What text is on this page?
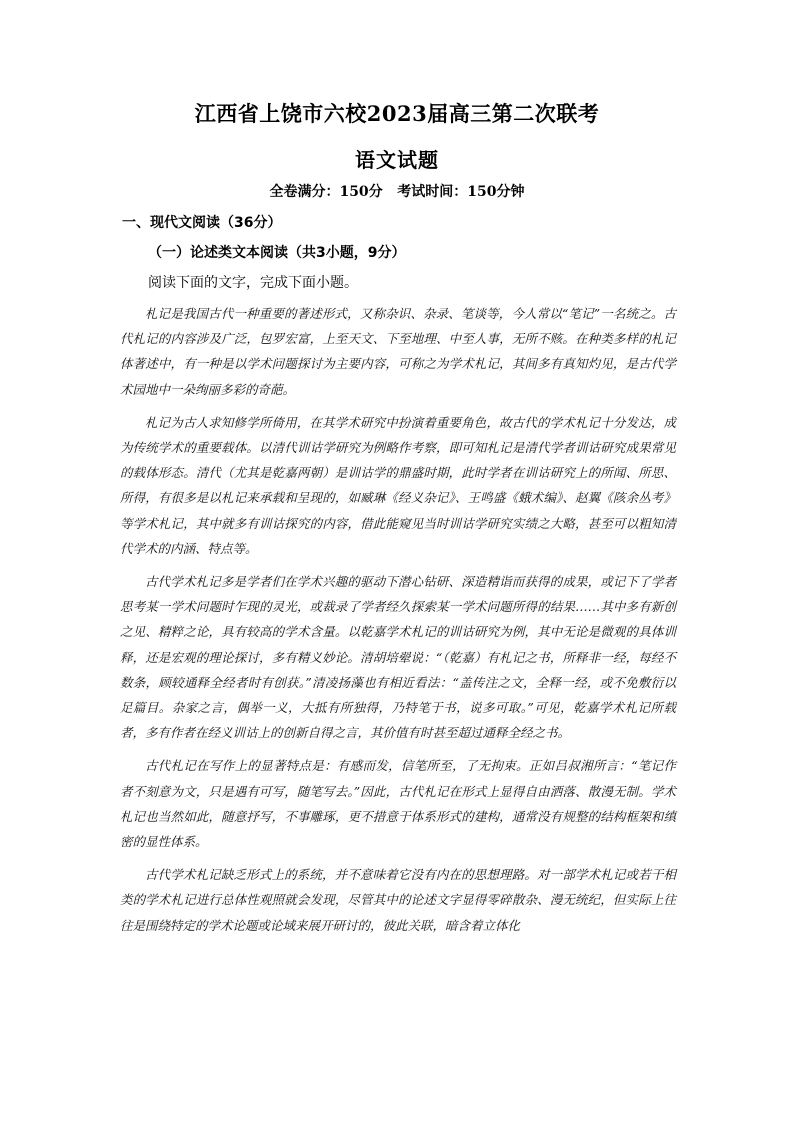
江西省上饶市六校2023届高三第二次联考
语文试题
全卷满分：150分   考试时间：150分钟
一、现代文阅读（36分）
（一）论述类文本阅读（共3小题，9分）
阅读下面的文字，完成下面小题。

札记是我国古代一种重要的著述形式，又称杂识、杂录、笔谈等，今人常以“笔记”一名统之。古代札记的内容涉及广泛，包罗宏富，上至天文、下至地理、中至人事，无所不赅。在种类多样的札记体著述中，有一种是以学术问题探讨为主要内容，可称之为学术札记，其间多有真知灼见，是古代学术园地中一朵绚丽多彩的奇葩。

札记为古人求知修学所倚用，在其学术研究中扮演着重要角色，故古代的学术札记十分发达，成为传统学术的重要载体。以清代训诂学研究为例略作考察，即可知札记是清代学者训诂研究成果常见的载体形态。清代（尤其是乾嘉两朝）是训诂学的鼎盛时期，此时学者在训诂研究上的所闻、所思、所得，有很多是以札记来承载和呈现的，如臧琳《经义杂记》、王鸣盛《蛾术编》、赵翼《陔余丛考》等学术札记，其中就多有训诂探究的内容，借此能窥见当时训诂学研究实绩之大略，甚至可以粗知清代学术的内涵、特点等。

古代学术札记多是学者们在学术兴趣的驱动下潜心钻研、深造精诣而获得的成果，或记下了学者思考某一学术问题时乍现的灵光，或裁录了学者经久探索某一学术问题所得的结果……其中多有新创之见、精粹之论，具有较高的学术含量。以乾嘉学术札记的训诂研究为例，其中无论是微观的具体训释，还是宏观的理论探讨，多有精义妙论。清胡培翚说：“（乾嘉）有札记之书，所释非一经，每经不数条，顾较通释全经者时有创获。”清凌扬藻也有相近看法：“盖传注之文，全释一经，或不免敷衍以足篇目。杂家之言，偶举一义，大抵有所独得，乃特笔于书，说多可取。”可见，乾嘉学术札记所载者，多有作者在经义训诂上的创新自得之言，其价值有时甚至超过通释全经之书。

古代札记在写作上的显著特点是：有感而发，信笔所至，了无拘束。正如吕叔湘所言：“笔记作者不刻意为文，只是遇有可写，随笔写去。”因此，古代札记在形式上显得自由洒落、散漫无制。学术札记也当然如此，随意抒写，不事雕琢，更不措意于体系形式的建构，通常没有规整的结构框架和缜密的显性体系。

古代学术札记缺乏形式上的系统，并不意味着它没有内在的思想理路。对一部学术札记或若干相类的学术札记进行总体性观照就会发现，尽管其中的论述文字显得零碎散杂、漫无统纪，但实际上往往是围绕特定的学术论题或论域来展开研讨的，彼此关联，暗含着立体化
